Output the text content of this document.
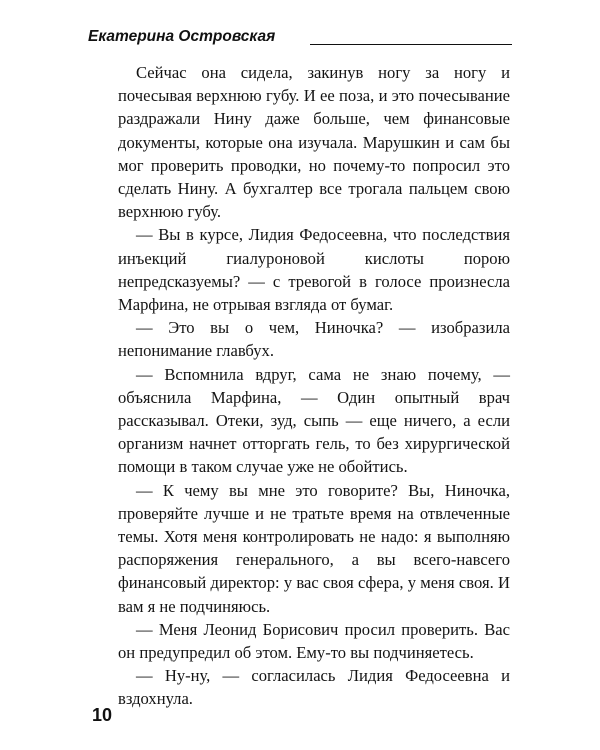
Екатерина Островская

Сейчас она сидела, закинув ногу за ногу и почесывая верхнюю губу. И ее поза, и это почесывание раздражали Нину даже больше, чем финансовые документы, которые она изучала. Марушкин и сам бы мог проверить проводки, но почему-то попросил это сделать Нину. А бухгалтер все трогала пальцем свою верхнюю губу.

— Вы в курсе, Лидия Федосеевна, что последствия инъекций гиалуроновой кислоты порою непредсказуемы? — с тревогой в голосе произнесла Марфина, не отрывая взгляда от бумаг.

— Это вы о чем, Ниночка? — изобразила непонимание главбух.

— Вспомнила вдруг, сама не знаю почему, — объяснила Марфина, — Один опытный врач рассказывал. Отеки, зуд, сыпь — еще ничего, а если организм начнет отторгать гель, то без хирургической помощи в таком случае уже не обойтись.

— К чему вы мне это говорите? Вы, Ниночка, проверяйте лучше и не тратьте время на отвлеченные темы. Хотя меня контролировать не надо: я выполняю распоряжения генерального, а вы всего-навсего финансовый директор: у вас своя сфера, у меня своя. И вам я не подчиняюсь.

— Меня Леонид Борисович просил проверить. Вас он предупредил об этом. Ему-то вы подчиняетесь.

— Ну-ну, — согласилась Лидия Федосеевна и вздохнула.

10
